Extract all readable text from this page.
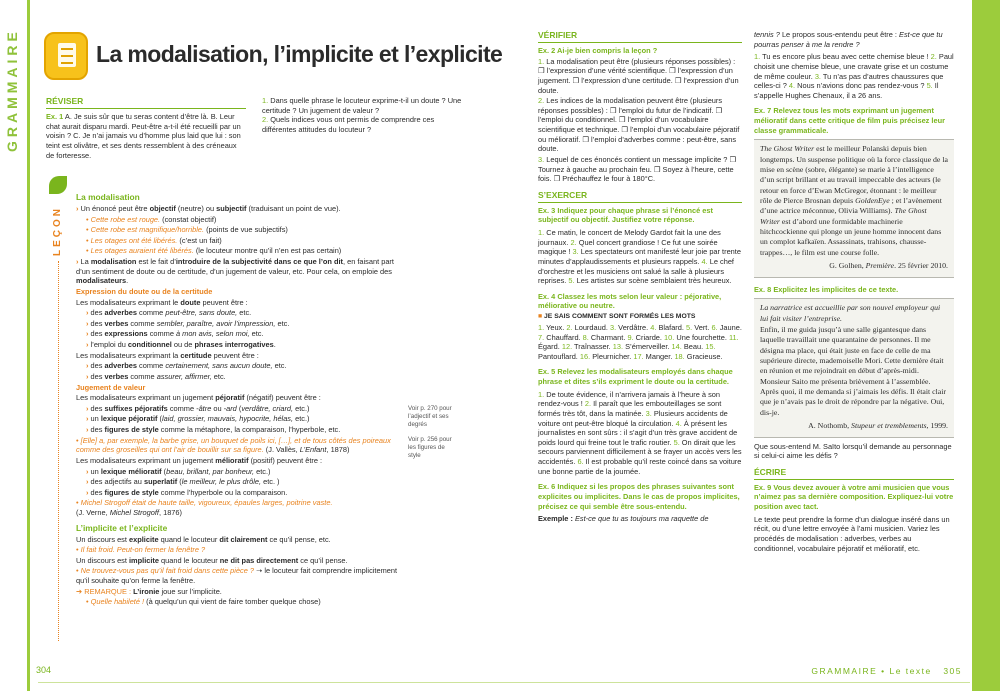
GRAMMAIRE
304	GRAMMAIRE • Le texte 305
La modalisation, l’implicite et l’explicite
RÉVISER

Ex. 1 A. Je suis sûr que tu seras content d’être là. B. Leur chat aurait disparu mardi. Peut-être a-t-il été recueilli par un voisin ? C. Je n’ai jamais vu d’homme plus laid que lui : son teint est olivâtre, et ses dents ressemblent à des créneaux de forteresse.

1. Dans quelle phrase le locuteur exprime-t-il un doute ? Une certitude ? Un jugement de valeur ?

2. Quels indices vous ont permis de comprendre ces différentes attitudes du locuteur ?

LEÇON
La modalisation

› Un énoncé peut être objectif (neutre) ou subjectif (traduisant un point de vue).

• Cette robe est rouge. (constat objectif)

• Cette robe est magnifique/horrible. (points de vue subjectifs)

• Les otages ont été libérés. (c’est un fait)

• Les otages auraient été libérés. (le locuteur montre qu’il n’en est pas certain)

› La modalisation est le fait d’introduire de la subjectivité dans ce que l’on dit, en faisant part d’un sentiment de doute ou de certitude, d’un jugement de valeur, etc. Pour cela, on emploie des modalisateurs.

Expression du doute ou de la certitude

Les modalisateurs exprimant le doute peuvent être :

› des adverbes comme peut-être, sans doute, etc.

› des verbes comme sembler, paraître, avoir l’impression, etc.

› des expressions comme à mon avis, selon moi, etc.

› l’emploi du conditionnel ou de phrases interrogatives.

Les modalisateurs exprimant la certitude peuvent être :

› des adverbes comme certainement, sans aucun doute, etc.

› des verbes comme assurer, affirmer, etc.

Jugement de valeur

Les modalisateurs exprimant un jugement péjoratif (négatif) peuvent être :

› des suffixes péjoratifs comme -âtre ou -ard (verdâtre, criard, etc.)

› un lexique péjoratif (laid, grossier, mauvais, hypocrite, hélas, etc.)

› des figures de style comme la métaphore, la comparaison, l’hyperbole, etc.

• [Elle] a, par exemple, la barbe grise, un bouquet de poils ici, […], et de tous côtés des poireaux comme des groseilles qui ont l’air de bouillir sur sa figure. (J. Vallès, L’Enfant, 1878)

Les modalisateurs exprimant un jugement mélioratif (positif) peuvent être :

› un lexique mélioratif (beau, brillant, par bonheur, etc.)

› des adjectifs au superlatif (le meilleur, le plus drôle, etc. )

› des figures de style comme l’hyperbole ou la comparaison.

• Michel Strogoff était de haute taille, vigoureux, épaules larges, poitrine vaste.
(J. Verne, Michel Strogoff, 1876)

L’implicite et l’explicite

Un discours est explicite quand le locuteur dit clairement ce qu’il pense, etc.

• Il fait froid. Peut-on fermer la fenêtre ?

Un discours est implicite quand le locuteur ne dit pas directement ce qu’il pense.

• Ne trouvez-vous pas qu’il fait froid dans cette pièce ? ➝ le locuteur fait comprendre implicitement qu’il souhaite qu’on ferme la fenêtre.

➔ REMARQUE : L’ironie joue sur l’implicite.

• Quelle habileté ! (à quelqu’un qui vient de faire tomber quelque chose)

Voir p. 270 pour l’adjectif et ses degrés

Voir p. 256 pour les figures de style

VÉRIFIER

Ex. 2 Ai-je bien compris la leçon ?

1. La modalisation peut être (plusieurs réponses possibles) : ❒ l’expression d’une vérité scientifique. ❒ l’expression d’un jugement. ❒ l’expression d’une certitude. ❒ l’expression d’un doute.

2. Les indices de la modalisation peuvent être (plusieurs réponses possibles) : ❒ l’emploi du futur de l’indicatif. ❒ l’emploi du conditionnel. ❒ l’emploi d’un vocabulaire scientifique et technique. ❒ l’emploi d’un vocabulaire péjoratif ou mélioratif. ❒ l’emploi d’adverbes comme : peut-être, sans doute.

3. Lequel de ces énoncés contient un message implicite ? ❒ Tournez à gauche au prochain feu. ❒ Soyez à l’heure, cette fois. ❒ Préchauffez le four à 180°C.

S’EXERCER

Ex. 3 Indiquez pour chaque phrase si l’énoncé est subjectif ou objectif. Justifiez votre réponse.

1. Ce matin, le concert de Melody Gardot fait la une des journaux. 2. Quel concert grandiose ! Ce fut une soirée magique ! 3. Les spectateurs ont manifesté leur joie par trente minutes d’applaudissements et plusieurs rappels. 4. Le chef d’orchestre et les musiciens ont salué la salle à plusieurs reprises. 5. Les artistes sur scène semblaient très heureux.

Ex. 4 Classez les mots selon leur valeur : péjorative, méliorative ou neutre.

■ JE SAIS COMMENT SONT FORMÉS LES MOTS

1. Yeux. 2. Lourdaud. 3. Verdâtre. 4. Blafard. 5. Vert. 6. Jaune. 7. Chauffard. 8. Charmant. 9. Criarde. 10. Une fourchette. 11. Égard. 12. Traînasser. 13. S’émerveiller. 14. Beau. 15. Pantouflard. 16. Pleurnicher. 17. Manger. 18. Gracieuse.

Ex. 5 Relevez les modalisateurs employés dans chaque phrase et dites s’ils expriment le doute ou la certitude.

1. De toute évidence, il n’arrivera jamais à l’heure à son rendez-vous ! 2. Il paraît que les embouteillages se sont formés très tôt, dans la matinée. 3. Plusieurs accidents de voiture ont peut-être bloqué la circulation. 4. À présent les journalistes en sont sûrs : il s’agit d’un très grave accident de poids lourd qui freine tout le trafic routier. 5. On dirait que les secours parviennent difficilement à se frayer un accès vers les accidentés. 6. Il est probable qu’il reste coincé dans sa voiture une bonne partie de la journée.

Ex. 6 Indiquez si les propos des phrases suivantes sont explicites ou implicites. Dans le cas de propos implicites, précisez ce qui semble être sous-entendu.

Exemple : Est-ce que tu as toujours ma raquette de

tennis ? Le propos sous-entendu peut être : Est-ce que tu pourras penser à me la rendre ?

1. Tu es encore plus beau avec cette chemise bleue ! 2. Paul choisit une chemise bleue, une cravate grise et un costume de même couleur. 3. Tu n’as pas d’autres chaussures que celles-ci ? 4. Nous n’avions donc pas rendez-vous ? 5. Il s’appelle Hughes Chenaux, il a 26 ans.

Ex. 7 Relevez tous les mots exprimant un jugement mélioratif dans cette critique de film puis précisez leur classe grammaticale.

The Ghost Writer est le meilleur Polanski depuis bien longtemps. Un suspense politique où la force classique de la mise en scène (sobre, élégante) se marie à l’intelligence d’un script brillant et au travail impeccable des acteurs (le retour en force d’Ewan McGregor, étonnant : le meilleur rôle de Pierce Brosnan depuis GoldenEye ; et l’avènement d’une actrice méconnue, Olivia Williams). The Ghost Writer est d’abord une formidable machinerie hitchcockienne qui plonge un jeune homme innocent dans un complot kafkaïen. Assassinats, trahisons, chausse-trappes…, le film est une course folle.

G. Golhen, Première. 25 février 2010.

Ex. 8 Explicitez les implicites de ce texte.

La narratrice est accueillie par son nouvel employeur qui lui fait visiter l’entreprise.

Enfin, il me guida jusqu’à une salle gigantesque dans laquelle travaillait une quarantaine de personnes. Il me désigna ma place, qui était juste en face de celle de ma supérieure directe, mademoiselle Mori. Cette dernière était en réunion et me rejoindrait en début d’après-midi. Monsieur Saito me présenta brièvement à l’assemblée. Après quoi, il me demanda si j’aimais les défis. Il était clair que je n’avais pas le droit de répondre par la négative. Oui, dis-je.

A. Nothomb, Stupeur et tremblements, 1999.

Que sous-entend M. Saïto lorsqu’il demande au personnage si celui-ci aime les défis ?

ÉCRIRE

Ex. 9 Vous devez avouer à votre ami musicien que vous n’aimez pas sa dernière composition. Expliquez-lui votre position avec tact.

Le texte peut prendre la forme d’un dialogue inséré dans un récit, ou d’une lettre envoyée à l’ami musicien. Variez les procédés de modalisation : adverbes, verbes au conditionnel, vocabulaire péjoratif et mélioratif, etc.
